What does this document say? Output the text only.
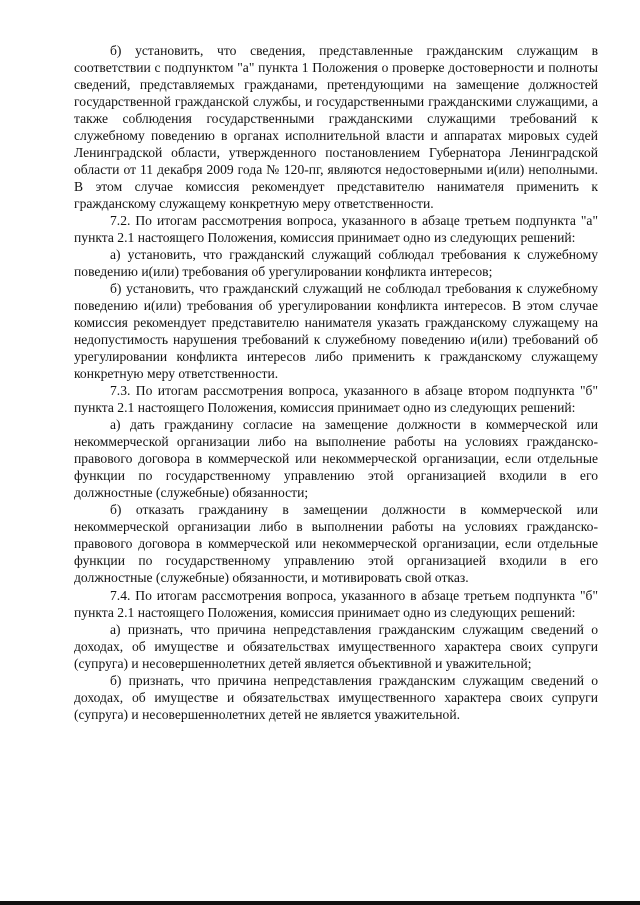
б) установить, что сведения, представленные гражданским служащим в соответствии с подпунктом "а" пункта 1 Положения о проверке достоверности и полноты сведений, представляемых гражданами, претендующими на замещение должностей государственной гражданской службы, и государственными гражданскими служащими, а также соблюдения государственными гражданскими служащими требований к служебному поведению в органах исполнительной власти и аппаратах мировых судей Ленинградской области, утвержденного постановлением Губернатора Ленинградской области от 11 декабря 2009 года № 120-пг, являются недостоверными и(или) неполными. В этом случае комиссия рекомендует представителю нанимателя применить к гражданскому служащему конкретную меру ответственности.

7.2. По итогам рассмотрения вопроса, указанного в абзаце третьем подпункта "а" пункта 2.1 настоящего Положения, комиссия принимает одно из следующих решений:

а) установить, что гражданский служащий соблюдал требования к служебному поведению и(или) требования об урегулировании конфликта интересов;

б) установить, что гражданский служащий не соблюдал требования к служебному поведению и(или) требования об урегулировании конфликта интересов. В этом случае комиссия рекомендует представителю нанимателя указать гражданскому служащему на недопустимость нарушения требований к служебному поведению и(или) требований об урегулировании конфликта интересов либо применить к гражданскому служащему конкретную меру ответственности.

7.3. По итогам рассмотрения вопроса, указанного в абзаце втором подпункта "б" пункта 2.1 настоящего Положения, комиссия принимает одно из следующих решений:

а) дать гражданину согласие на замещение должности в коммерческой или некоммерческой организации либо на выполнение работы на условиях гражданско-правового договора в коммерческой или некоммерческой организации, если отдельные функции по государственному управлению этой организацией входили в его должностные (служебные) обязанности;

б) отказать гражданину в замещении должности в коммерческой или некоммерческой организации либо в выполнении работы на условиях гражданско-правового договора в коммерческой или некоммерческой организации, если отдельные функции по государственному управлению этой организацией входили в его должностные (служебные) обязанности, и мотивировать свой отказ.

7.4. По итогам рассмотрения вопроса, указанного в абзаце третьем подпункта "б" пункта 2.1 настоящего Положения, комиссия принимает одно из следующих решений:

а) признать, что причина непредставления гражданским служащим сведений о доходах, об имуществе и обязательствах имущественного характера своих супруги (супруга) и несовершеннолетних детей является объективной и уважительной;

б) признать, что причина непредставления гражданским служащим сведений о доходах, об имуществе и обязательствах имущественного характера своих супруги (супруга) и несовершеннолетних детей не является уважительной.
